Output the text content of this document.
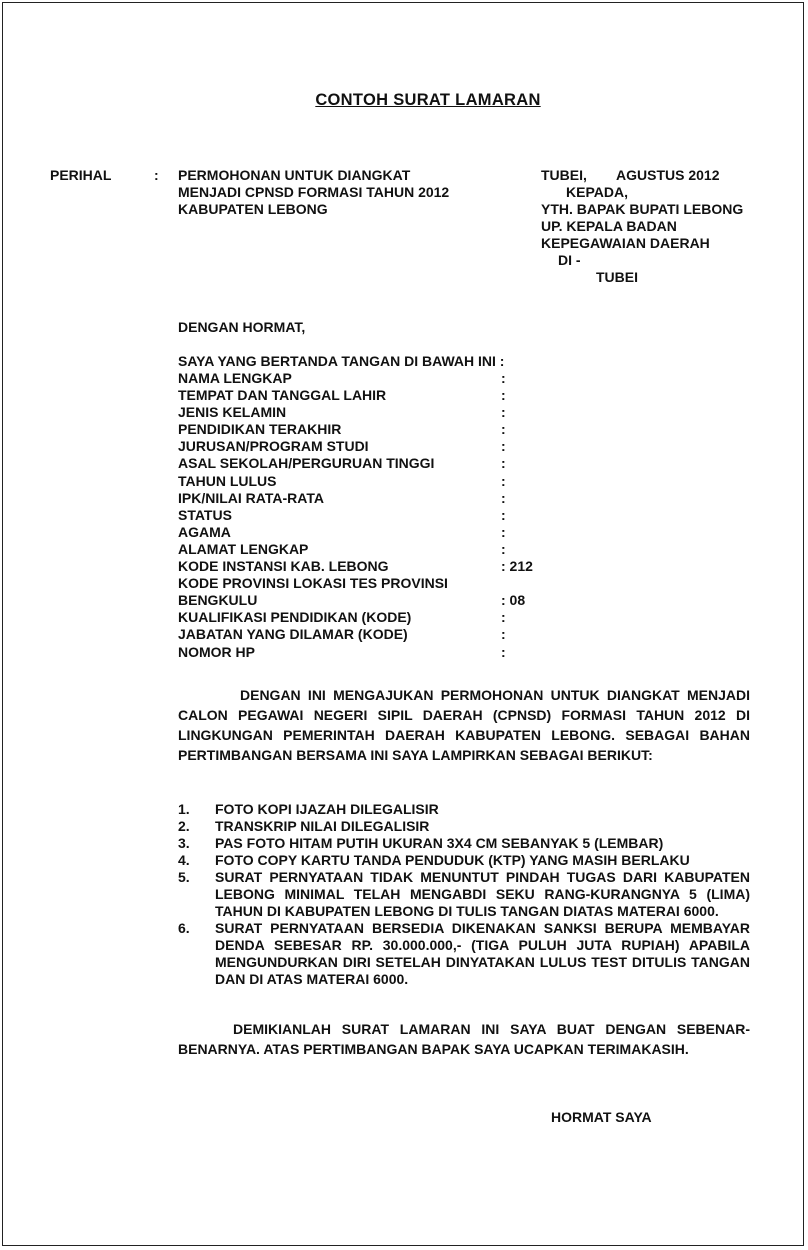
CONTOH SURAT LAMARAN
PERIHAL	: PERMOHONAN UNTUK DIANGKAT
MENJADI CPNSD FORMASI TAHUN 2012
KABUPATEN LEBONG
TUBEI, AGUSTUS 2012
KEPADA,
YTH. BAPAK BUPATI LEBONG
UP. KEPALA BADAN
KEPEGAWAIAN DAERAH
DI -
TUBEI
DENGAN HORMAT,
SAYA YANG BERTANDA TANGAN DI BAWAH INI :
NAMA LENGKAP	:
TEMPAT DAN TANGGAL LAHIR	:
JENIS KELAMIN	:
PENDIDIKAN TERAKHIR	:
JURUSAN/PROGRAM STUDI	:
ASAL SEKOLAH/PERGURUAN TINGGI	:
TAHUN LULUS	:
IPK/NILAI RATA-RATA	:
STATUS	:
AGAMA	:
ALAMAT LENGKAP	:
KODE INSTANSI KAB. LEBONG	: 212
KODE PROVINSI LOKASI TES PROVINSI
BENGKULU	: 08
KUALIFIKASI PENDIDIKAN (KODE)	:
JABATAN YANG DILAMAR (KODE)	:
NOMOR HP	:
DENGAN INI MENGAJUKAN PERMOHONAN UNTUK DIANGKAT MENJADI CALON PEGAWAI NEGERI SIPIL DAERAH (CPNSD) FORMASI TAHUN 2012 DI LINGKUNGAN PEMERINTAH DAERAH KABUPATEN LEBONG. SEBAGAI BAHAN PERTIMBANGAN BERSAMA INI SAYA LAMPIRKAN SEBAGAI BERIKUT:
1. FOTO KOPI IJAZAH DILEGALISIR
2. TRANSKRIP NILAI DILEGALISIR
3. PAS FOTO HITAM PUTIH UKURAN 3X4 CM SEBANYAK 5 (LEMBAR)
4. FOTO COPY KARTU TANDA PENDUDUK (KTP) YANG MASIH BERLAKU
5. SURAT PERNYATAAN TIDAK MENUNTUT PINDAH TUGAS DARI KABUPATEN LEBONG MINIMAL TELAH MENGABDI SEKU RANG-KURANGNYA 5 (LIMA) TAHUN DI KABUPATEN LEBONG DI TULIS TANGAN DIATAS MATERAI 6000.
6. SURAT PERNYATAAN BERSEDIA DIKENAKAN SANKSI BERUPA MEMBAYAR DENDA SEBESAR RP. 30.000.000,- (TIGA PULUH JUTA RUPIAH) APABILA MENGUNDURKAN DIRI SETELAH DINYATAKAN LULUS TEST DITULIS TANGAN DAN DI ATAS MATERAI 6000.
DEMIKIANLAH SURAT LAMARAN INI SAYA BUAT DENGAN SEBENAR-BENARNYA. ATAS PERTIMBANGAN BAPAK SAYA UCAPKAN TERIMAKASIH.
HORMAT SAYA
